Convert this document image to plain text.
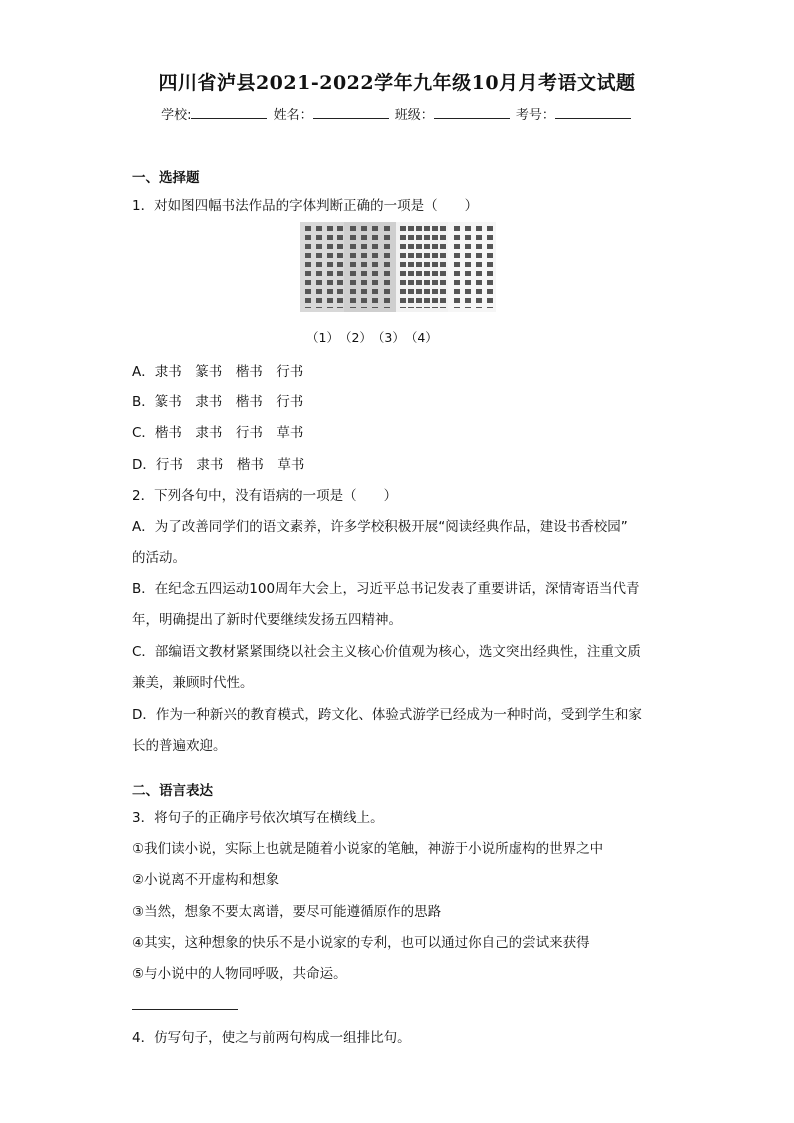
四川省泸县2021-2022学年九年级10月月考语文试题
学校:	姓名：	班级：	考号：
一、选择题
1．对如图四幅书法作品的字体判断正确的一项是（　　）
（1）　（2）　（3）　（4）
A．隶书　篆书　楷书　行书
B．篆书　隶书　楷书　行书
C．楷书　隶书　行书　草书
D．行书　隶书　楷书　草书
2．下列各句中，没有语病的一项是（　　）
A．为了改善同学们的语文素养，许多学校积极开展“阅读经典作品，建设书香校园”
的活动。
B．在纪念五四运动100周年大会上，习近平总书记发表了重要讲话，深情寄语当代青
年，明确提出了新时代要继续发扬五四精神。
C．部编语文教材紧紧围绕以社会主义核心价值观为核心，选文突出经典性，注重文质
兼美，兼顾时代性。
D．作为一种新兴的教育模式，跨文化、体验式游学已经成为一种时尚，受到学生和家
长的普遍欢迎。
二、语言表达
3．将句子的正确序号依次填写在横线上。
①我们读小说，实际上也就是随着小说家的笔触，神游于小说所虚构的世界之中
②小说离不开虚构和想象
③当然，想象不要太离谱，要尽可能遵循原作的思路
④其实，这种想象的快乐不是小说家的专利，也可以通过你自己的尝试来获得
⑤与小说中的人物同呼吸，共命运。
4．仿写句子，使之与前两句构成一组排比句。
